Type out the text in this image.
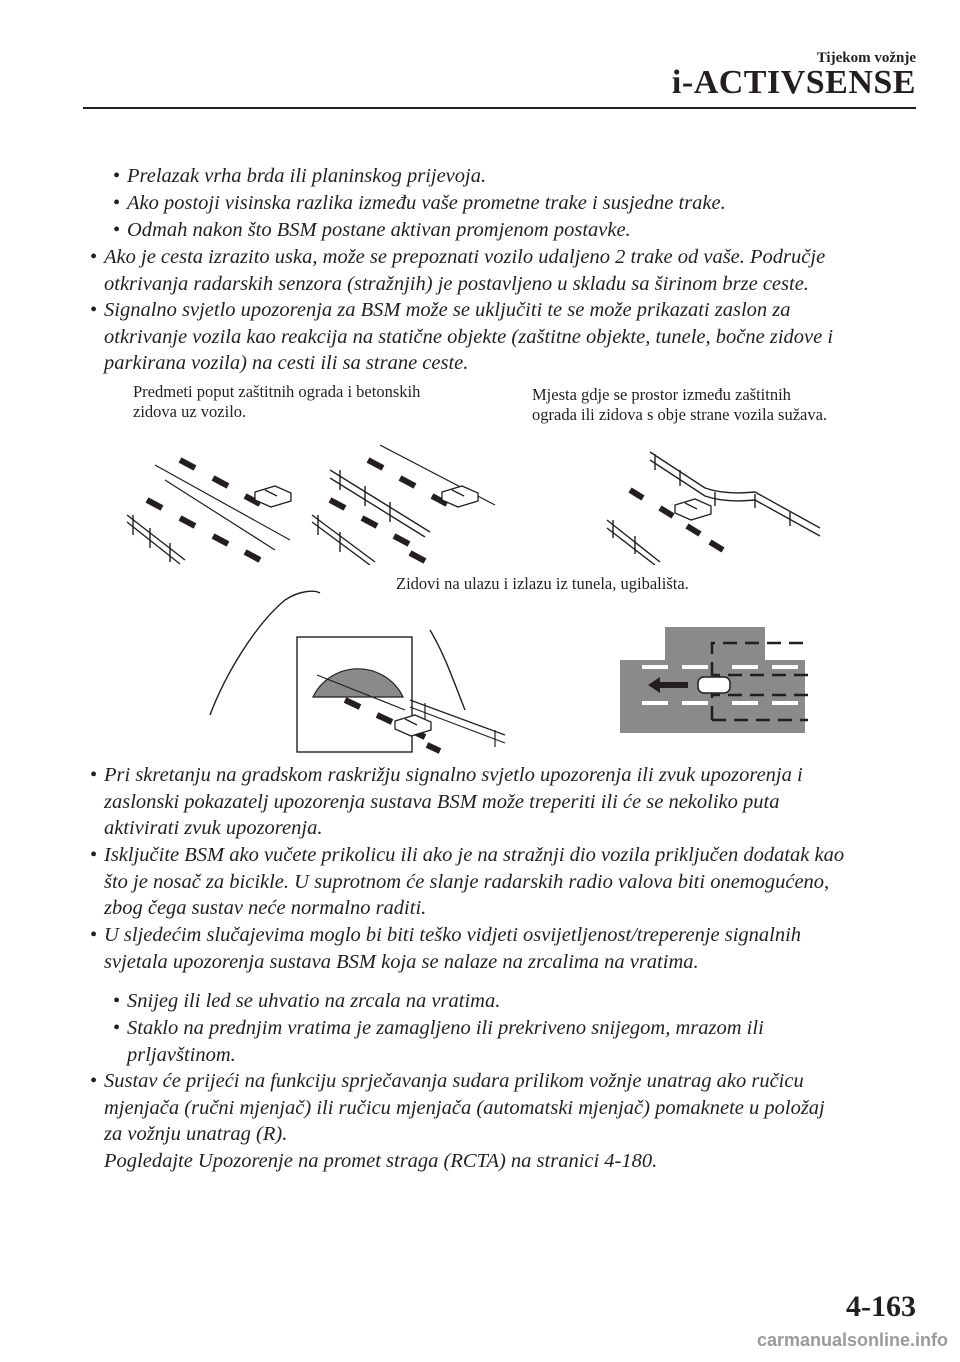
Tijekom vožnje
i-ACTIVSENSE
• Prelazak vrha brda ili planinskog prijevoja.
• Ako postoji visinska razlika između vaše prometne trake i susjedne trake.
• Odmah nakon što BSM postane aktivan promjenom postavke.
• Ako je cesta izrazito uska, može se prepoznati vozilo udaljeno 2 trake od vaše. Područje
otkrivanja radarskih senzora (stražnjih) je postavljeno u skladu sa širinom brze ceste.
• Signalno svjetlo upozorenja za BSM može se uključiti te se može prikazati zaslon za
otkrivanje vozila kao reakcija na statične objekte (zaštitne objekte, tunele, bočne zidove i
parkirana vozila) na cesti ili sa strane ceste.
Predmeti poput zaštitnih ograda i betonskih
zidova uz vozilo.
Mjesta gdje se prostor između zaštitnih
ograda ili zidova s obje strane vozila sužava.
Zidovi na ulazu i izlazu iz tunela, ugibališta.
• Pri skretanju na gradskom raskrižju signalno svjetlo upozorenja ili zvuk upozorenja i
zaslonski pokazatelj upozorenja sustava BSM može treperiti ili će se nekoliko puta
aktivirati zvuk upozorenja.
• Isključite BSM ako vučete prikolicu ili ako je na stražnji dio vozila priključen dodatak kao
što je nosač za bicikle. U suprotnom će slanje radarskih radio valova biti onemogućeno,
zbog čega sustav neće normalno raditi.
• U sljedećim slučajevima moglo bi biti teško vidjeti osvijetljenost/treperenje signalnih
svjetala upozorenja sustava BSM koja se nalaze na zrcalima na vratima.
• Snijeg ili led se uhvatio na zrcala na vratima.
• Staklo na prednjim vratima je zamagljeno ili prekriveno snijegom, mrazom ili
prljavštinom.
• Sustav će prijeći na funkciju sprječavanja sudara prilikom vožnje unatrag ako ručicu
mjenjača (ručni mjenjač) ili ručicu mjenjača (automatski mjenjač) pomaknete u položaj
za vožnju unatrag (R).
Pogledajte Upozorenje na promet straga (RCTA) na stranici 4-180.
4-163
carmanualsonline.info
